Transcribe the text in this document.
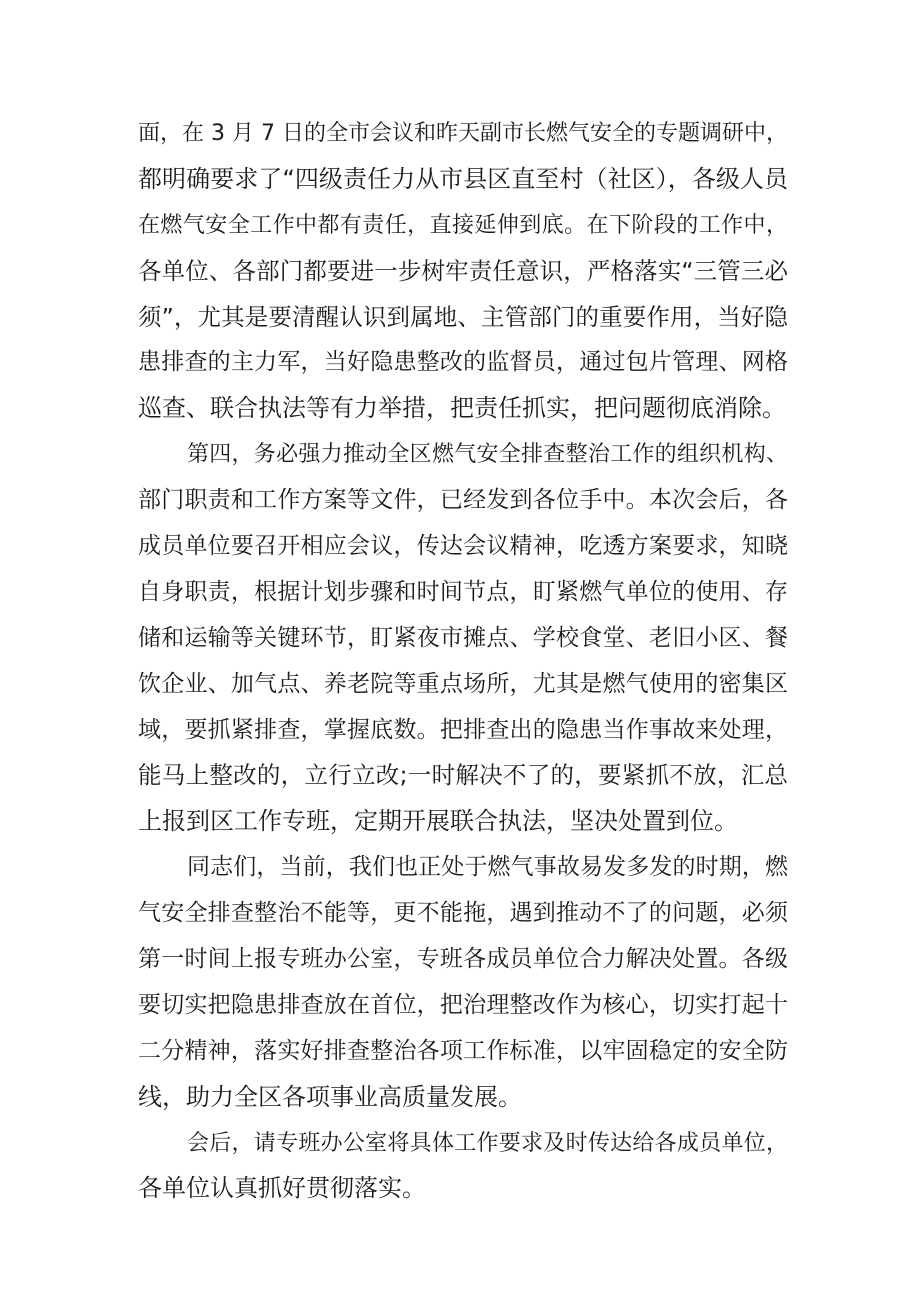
面，在 3 月 7 日的全市会议和昨天副市长燃气安全的专题调研中，
都明确要求了“四级责任力从市县区直至村（社区），各级人员
在燃气安全工作中都有责任，直接延伸到底。在下阶段的工作中，
各单位、各部门都要进一步树牢责任意识，严格落实“三管三必
须”，尤其是要清醒认识到属地、主管部门的重要作用，当好隐
患排查的主力军，当好隐患整改的监督员，通过包片管理、网格
巡查、联合执法等有力举措，把责任抓实，把问题彻底消除。
第四，务必强力推动全区燃气安全排查整治工作的组织机构、
部门职责和工作方案等文件，已经发到各位手中。本次会后，各
成员单位要召开相应会议，传达会议精神，吃透方案要求，知晓
自身职责，根据计划步骤和时间节点，盯紧燃气单位的使用、存
储和运输等关键环节，盯紧夜市摊点、学校食堂、老旧小区、餐
饮企业、加气点、养老院等重点场所，尤其是燃气使用的密集区
域，要抓紧排查，掌握底数。把排查出的隐患当作事故来处理，
能马上整改的，立行立改;一时解决不了的，要紧抓不放，汇总
上报到区工作专班，定期开展联合执法，坚决处置到位。
同志们，当前，我们也正处于燃气事故易发多发的时期，燃
气安全排查整治不能等，更不能拖，遇到推动不了的问题，必须
第一时间上报专班办公室，专班各成员单位合力解决处置。各级
要切实把隐患排查放在首位，把治理整改作为核心，切实打起十
二分精神，落实好排查整治各项工作标准，以牢固稳定的安全防
线，助力全区各项事业高质量发展。
会后，请专班办公室将具体工作要求及时传达给各成员单位，
各单位认真抓好贯彻落实。
